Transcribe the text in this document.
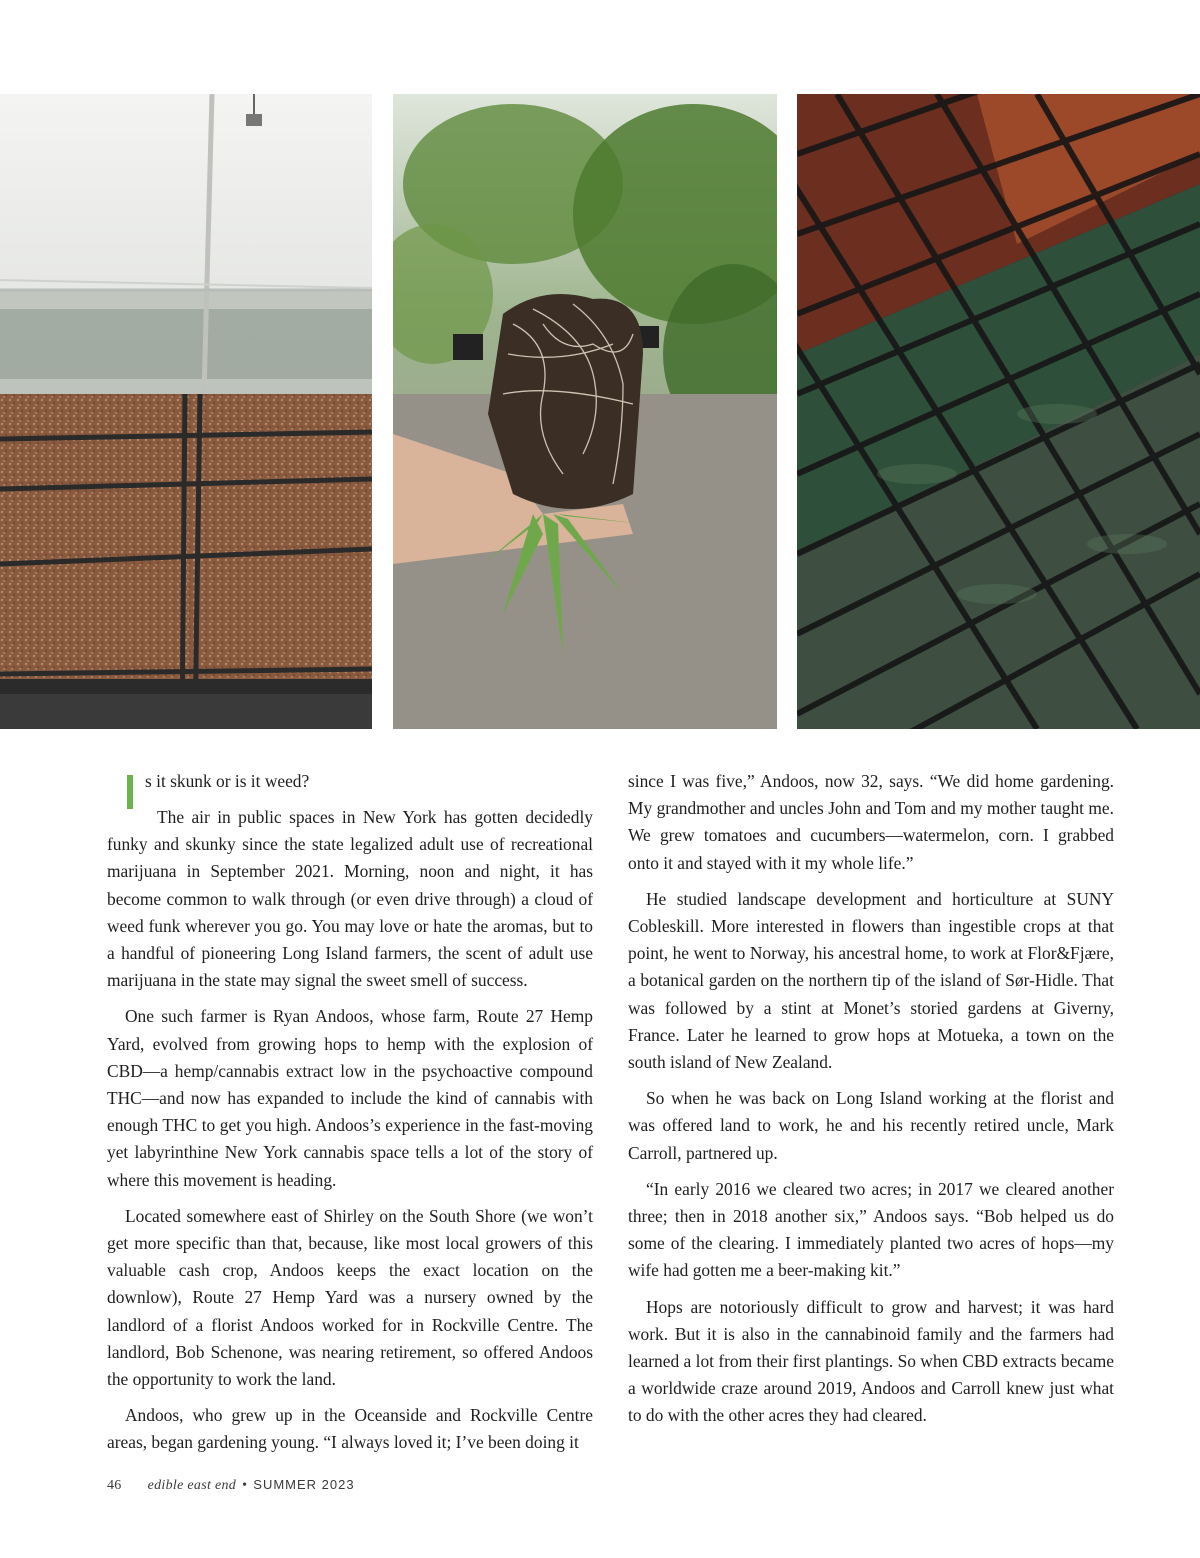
s it skunk or is it weed?

The air in public spaces in New York has gotten decidedly funky and skunky since the state legalized adult use of recreational marijuana in September 2021. Morning, noon and night, it has become common to walk through (or even drive through) a cloud of weed funk wherever you go. You may love or hate the aromas, but to a handful of pioneering Long Island farmers, the scent of adult use marijuana in the state may signal the sweet smell of success.

One such farmer is Ryan Andoos, whose farm, Route 27 Hemp Yard, evolved from growing hops to hemp with the explosion of CBD—a hemp/cannabis extract low in the psychoactive compound THC—and now has expanded to include the kind of cannabis with enough THC to get you high. Andoos’s experience in the fast-moving yet labyrinthine New York cannabis space tells a lot of the story of where this movement is heading.

Located somewhere east of Shirley on the South Shore (we won’t get more specific than that, because, like most local growers of this valuable cash crop, Andoos keeps the exact location on the downlow), Route 27 Hemp Yard was a nursery owned by the landlord of a florist Andoos worked for in Rockville Centre. The landlord, Bob Schenone, was nearing retirement, so offered Andoos the opportunity to work the land.

Andoos, who grew up in the Oceanside and Rockville Centre areas, began gardening young. “I always loved it; I’ve been doing it

since I was five,” Andoos, now 32, says. “We did home gardening. My grandmother and uncles John and Tom and my mother taught me. We grew tomatoes and cucumbers—watermelon, corn. I grabbed onto it and stayed with it my whole life.”

He studied landscape development and horticulture at SUNY Cobleskill. More interested in flowers than ingestible crops at that point, he went to Norway, his ancestral home, to work at Flor&Fjære, a botanical garden on the northern tip of the island of Sør-Hidle. That was followed by a stint at Monet’s storied gardens at Giverny, France. Later he learned to grow hops at Motueka, a town on the south island of New Zealand.

So when he was back on Long Island working at the florist and was offered land to work, he and his recently retired uncle, Mark Carroll, partnered up.

“In early 2016 we cleared two acres; in 2017 we cleared another three; then in 2018 another six,” Andoos says. “Bob helped us do some of the clearing. I immediately planted two acres of hops—my wife had gotten me a beer-making kit.”

Hops are notoriously difficult to grow and harvest; it was hard work. But it is also in the cannabinoid family and the farmers had learned a lot from their first plantings. So when CBD extracts became a worldwide craze around 2019, Andoos and Carroll knew just what to do with the other acres they had cleared.

46 edible east end • SUMMER 2023
